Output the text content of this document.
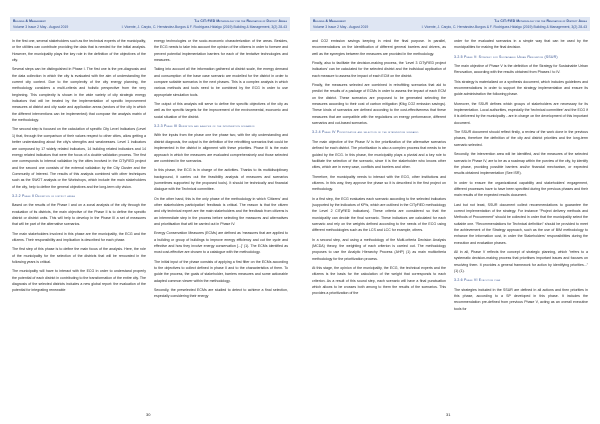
Building & Management
Volume 3 Issue 2 May - August 2019
The CITyFiED Methodology for the Renovation of District Areas
I. Vicente, J. Carpio, C. Hernández-Burgos & F. Rodríguez-Hidalgo (2019) Building & Management, 3(2) 28-43

In the first one, several stakeholders such as the technical experts of the municipality, or the utilities can contribute providing the data that is needed for the initial analysis. However, the municipality plays the key role in the definition of the objectives of the city.

Several steps can be distinguished in Phase I. The first one is the pre-diagnosis and the data collection in which the city is evaluated with the aim of understanding the current city context. Due to the complexity of the city energy planning, the methodology considers a multi-criteria and holistic perspective from the very beginning. This complexity is shown in the wide variety of city strategic energy indicators that will be treated by the implementation of specific improvement measures at district and city scale and application areas (sectors of the city in which the different interventions can be implemented) that compose the analysis matrix of the methodology.

The second step is focused on the calculation of specific City Level Indicators (Level 1) that, through the comparison of their values respect to other cities, allow getting a better understanding about the city's strengths and weaknesses. Level 1 indicators are composed by 17 widely related indicators, 14 building related indicators and 14 energy related indicators that were the focus of a double validation process. The first one corresponds to internal validation by the cities involved in the CITyFiED project and the second one consists of the external validation by the City Cluster and the Community of Interest. The results of this analysis combined with other techniques such as the SWOT analysis or the Workshops, which include the main stakeholders of the city, help to define the general objectives and the long-term city vision.

3.2.2 Phase II Definition of district areas

Based on the results of the Phase I and on a zonal analysis of the city through the evaluation of its districts, the main objective of the Phase II is to define the specific district or district units. This will help to develop in the Phase III a set of measures that will be part of the alternative scenarios.

The main stakeholders involved in this phase are the municipality, the ECG and the citizens. Their responsibility and implication is described for each phase.

The first step of this phase is to define the main focus of the analysis. Here, the role of the municipality for the selection of the districts that will be renovated in the following years is critical.

The municipality will have to interact with the ECG in order to understand properly the potential of each district in contributing to the transformation of the entire city. The diagnosis of the selected districts includes a new global report: the evaluation of the potential for integrating renewable

energy technologies or the socio-economic characterization of the areas. Besides, the ECG needs to take into account the opinion of the citizens in order to foresee and prevent potential implementation barriers for each of the tentative technologies and measures.

Taking into account all the information gathered at district scale, the energy demand and consumption of the base case scenario are modelled for the district in order to compare suitable scenarios in the next phases. This is a complex analysis in which various methods and tools need to be combined by the ECG in order to use appropriate simulation tools.

The output of this analysis will serve to define the specific objectives of the city as well as the specific targets for the improvement of the environmental, economic and social situation of the district.

3.2.3 Phase III Definition and analysis of the intervention scenarios

With the inputs from the phase one the phase two, with the city understanding and district diagnosis, the output is the definition of the retrofitting scenarios that could be implemented in the district in alignment with these priorities. Phase III is the main approach in which the measures are evaluated comprehensively and those selected are combined in the scenarios.

In this phase, the ECG is in charge of the activities. Thanks to its multidisciplinary background, it carries out the feasibility analysis of measures and scenarios (sometimes supported by the proposed tools). It should be technically and financial dialogue with the Technical committee.

On the other hand, this is the only phase of the methodology in which 'Citizens' and other stakeholders participation' feedback is critical. The reason is that the citizen and city technical expert are the main stakeholders and the feedback from citizens is an intermediate step in the process before selecting the measures and alternatives and prioritisation that will be carried out in Phase IV.

Energy Conservation Measures (ECMs) are defined as 'measures that are applied to a building or group of buildings to improve energy efficiency and cut the cycle and effective and how they involve energy conservation [...]' (1). The ECMs identified as most cost-effective are chosen to a catalogue with the methodology.

The initial input of the phase consists of applying a first filter on the ECMs according to the objectives to collect defined in phase II and to the characteristics of them. To guide the process, the goals of stakeholder, barriers measures and some actionable adapted common viewer within the methodology.

Secondly, the preselected ECMs are studied to detect to achieve a final selection, especially considering their energy

30
Building & Management
Volume 3 Issue 2 May - August 2019
The CITyFiED Methodology for the Renovation of District Areas
I. Vicente, J. Carpio, C. Hernández-Burgos & F. Rodríguez-Hidalgo (2019) Building & Management, 3(2) 28-43

and CO2 emission savings keeping in mind the final purpose. In parallel, recommendations on the identification of different general barriers and drivers, as well as the synergies between the measures are provided in the methodology.

Finally, also to facilitate the decision-making process, the 'Level 3 CITyFiED project indicators' can be calculated for the selected district and the individual application of each measure to assess the impact of each ECM on the district.

Finally, the measures selected are combined in retrofitting scenarios that aid to predict the results of a package of ECMs in order to assess the impact of each ECM on the district. These scenarios are proposed to be generated selecting the measures according to their cost of carbon mitigation (€/kg CO2 emission savings). These kinds of scenarios are defined according to the cost-effectiveness that these measures that are compatible with the regulations on energy performance, different scenarios and cut-based scenarios.

3.2.4 Phase IV Prioritization and selection of the intervention scenario

The main objective of the Phase IV is the prioritization of the alternative scenarios defined for each district. The prioritization is also a complex process that needs to be guided by the ECG. In this phase, the municipality plays a pivotal and a key role to facilitate the selection of the scenario, since it is the stakeholder who knows other cities, which are in every case, conflicts and barriers and other.

Therefore, the municipality needs to interact with the ECG, other institutions and citizens. In this way, they approve the phase so it is described in the first project on methodology.

In a first step, the ECG evaluates each scenario according to the selected indicators (supported by the indicators of KPIs, which are outlined in the CITyFiED methodology the Level 2 CITyFiED indicators). These criteria are considered so that the municipality can decide the final scenario. These indicators are calculated for each scenario and rely on the weights defined according to the needs of the ECG using different methodologies such as the LCS and LCC for example, others.

In a second step, and using a methodology of the Multi-criteria Decision Analysis (MCDA) theory, the weighting of each criterion is carried out. The methodology proposes to use the Analytic Hierarchy Process (AHP) (1) as main multicriteria methodology for the prioritization process.

At this stage, the opinion of the municipality, the ECG, the technical experts and the citizens is the basis for the calculation of the weight that corresponds to each criterion. As a result of this sound step, each scenario will have a final punctuation which allows to be crosses both among to them the results of the scenarios. This provides a prioritization of the

order for the evaluated scenarios in a simple way that can be used by the municipalities for making the final decision.

3.2.5 Phase V: Strategy for Sustainable Urban Renovation (SSUR)

The main objective of Phase V is the definition of the Strategy for Sustainable Urban Renovation, according with the results obtained from Phases I to IV.

This strategy is materialized on a synthesis document, which includes guidelines and recommendations in order to support the strategy implementation and ensure its guide administration the following phase.

Moreover, the SSUR defines which groups of stakeholders are necessary for its implementation. Local authorities, especially the 'technical committee' and the ECG if it is delivered by the municipality - are in charge on the development of this important document.

The SSUR document should reflect firstly, a review of the work done in the previous phases, therefore the definition of the city and district priorities and the long-term scenario selected.

Secondly, the intervention area will be identified, and the measures of the selected scenario in Phase IV, are to be as a roadmap within the purview of the city, by identify the phase, providing possible barriers and/or financial mechanism, or expected results obtained implementation (See ISR).

In order to ensure the organizational capability and stakeholders' engagement, different processes have to have been specified during the previous phases and their main results of the expected results document.

Last but not least, SSUR document collect recommendations to guarantee the correct implementation of the strategy. For instance "Project delivery methods and Methods of Procurement" should be collected in order that the municipality select the suitable one. "Recommendations for Technical definition" should be provided to meet the achievement of the Strategy approach, such as the use of BIM methodology to enhance the information cost, in order the Stakeholders' responsibilities during the execution and evaluation phases.

All in all, Phase V reflects the concept of strategic planning, which "refers to a systematic decision-making process that prioritises important issues and focuses on resolving them. It provides a general framework for action by identifying priorities..." (1) (1).

3.2.6 Phase VI Execution plan

The strategies included in the SSUR are defined in all actions and then priorities in this phase, according to a SP developed in this phase. It includes the recommendation pre-defined from previous Phase V, acting as an overall executive tools for

31
